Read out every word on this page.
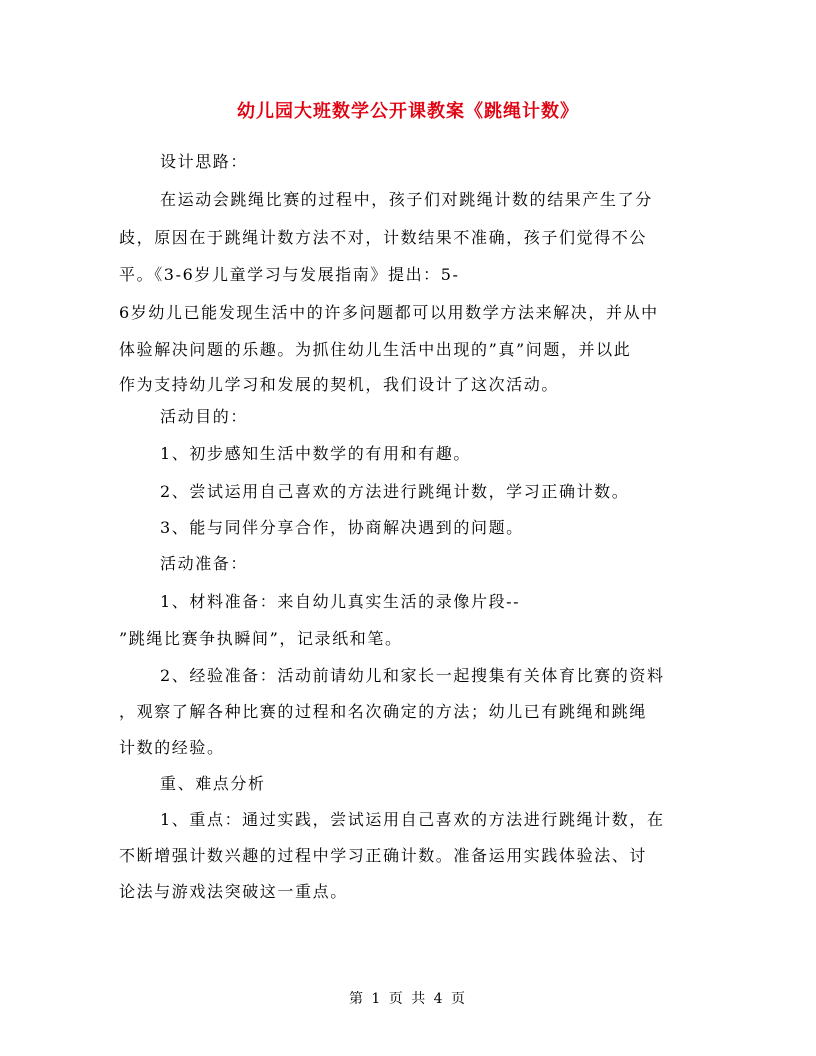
幼儿园大班数学公开课教案《跳绳计数》
设计思路：
在运动会跳绳比赛的过程中，孩子们对跳绳计数的结果产生了分
歧，原因在于跳绳计数方法不对，计数结果不准确，孩子们觉得不公
平。《3-6岁儿童学习与发展指南》提出：5-
6岁幼儿已能发现生活中的许多问题都可以用数学方法来解决，并从中
体验解决问题的乐趣。为抓住幼儿生活中出现的”真”问题，并以此
作为支持幼儿学习和发展的契机，我们设计了这次活动。
活动目的：
1、初步感知生活中数学的有用和有趣。
2、尝试运用自己喜欢的方法进行跳绳计数，学习正确计数。
3、能与同伴分享合作，协商解决遇到的问题。
活动准备：
1、材料准备：来自幼儿真实生活的录像片段--
”跳绳比赛争执瞬间”，记录纸和笔。
2、经验准备：活动前请幼儿和家长一起搜集有关体育比赛的资料
，观察了解各种比赛的过程和名次确定的方法；幼儿已有跳绳和跳绳
计数的经验。
重、难点分析
1、重点：通过实践，尝试运用自己喜欢的方法进行跳绳计数，在
不断增强计数兴趣的过程中学习正确计数。准备运用实践体验法、讨
论法与游戏法突破这一重点。
第 1 页 共 4 页
